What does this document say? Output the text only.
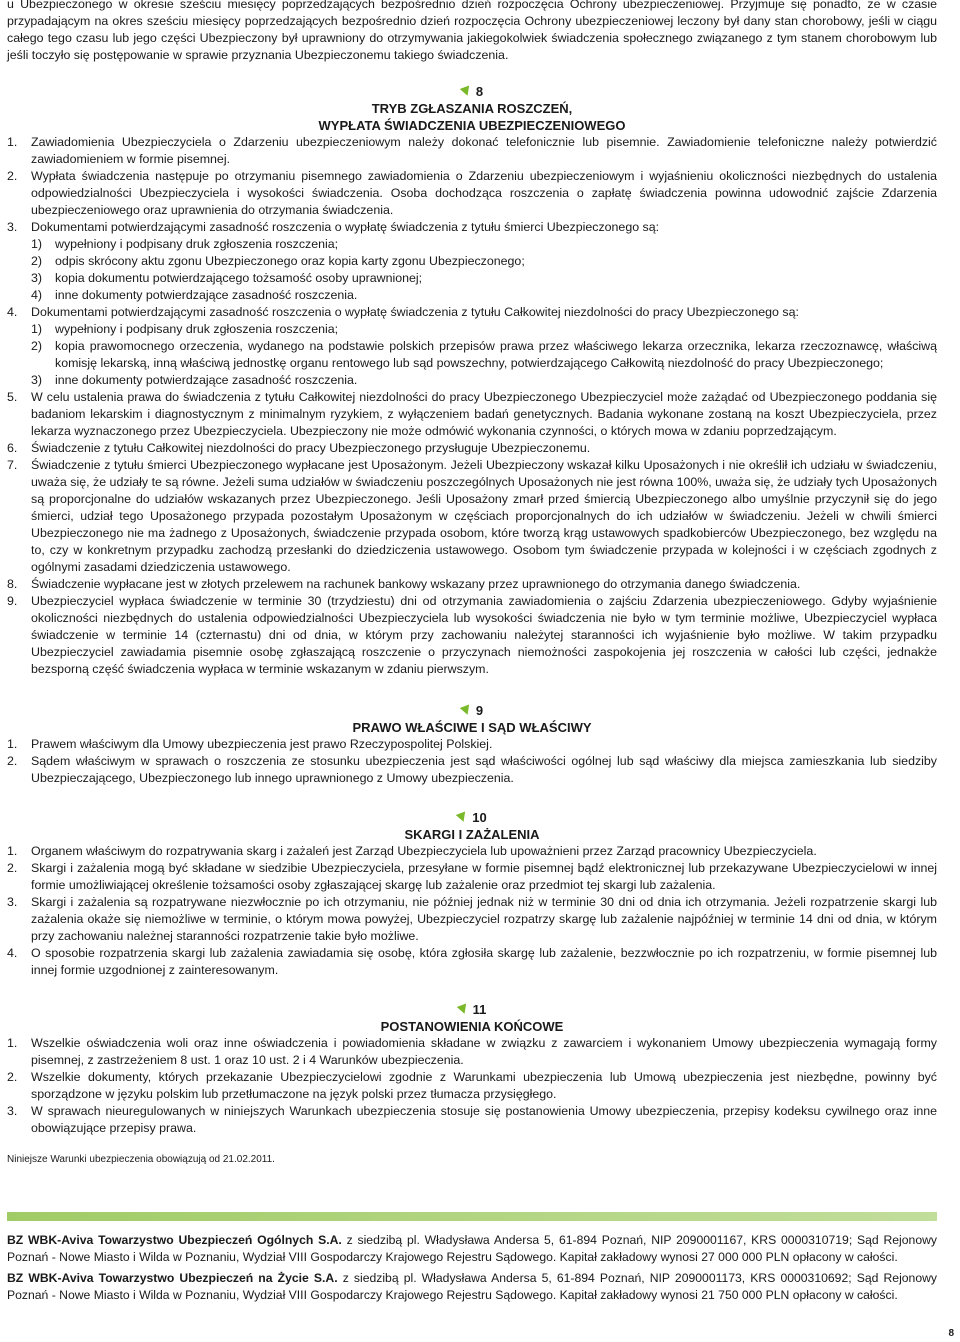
u Ubezpieczonego w okresie sześciu miesięcy poprzedzających bezpośrednio dzień rozpoczęcia Ochrony ubezpieczeniowej. Przyjmuje się ponadto, że w czasie przypadającym na okres sześciu miesięcy poprzedzających bezpośrednio dzień rozpoczęcia Ochrony ubezpieczeniowej leczony był dany stan chorobowy, jeśli w ciągu całego tego czasu lub jego części Ubezpieczony był uprawniony do otrzymywania jakiegokolwiek świadczenia społecznego związanego z tym stanem chorobowym lub jeśli toczyło się postępowanie w sprawie przyznania Ubezpieczonemu takiego świadczenia.

8
TRYB ZGŁASZANIA ROSZCZEŃ,
WYPŁATA ŚWIADCZENIA UBEZPIECZENIOWEGO
1. Zawiadomienia Ubezpieczyciela o Zdarzeniu ubezpieczeniowym należy dokonać telefonicznie lub pisemnie. Zawiadomienie telefoniczne należy potwierdzić zawiadomieniem w formie pisemnej.
2. Wypłata świadczenia następuje po otrzymaniu pisemnego zawiadomienia o Zdarzeniu ubezpieczeniowym i wyjaśnieniu okoliczności niezbędnych do ustalenia odpowiedzialności Ubezpieczyciela i wysokości świadczenia. Osoba dochodząca roszczenia o zapłatę świadczenia powinna udowodnić zajście Zdarzenia ubezpieczeniowego oraz uprawnienia do otrzymania świadczenia.
3. Dokumentami potwierdzającymi zasadność roszczenia o wypłatę świadczenia z tytułu śmierci Ubezpieczonego są:
1) wypełniony i podpisany druk zgłoszenia roszczenia;
2) odpis skrócony aktu zgonu Ubezpieczonego oraz kopia karty zgonu Ubezpieczonego;
3) kopia dokumentu potwierdzającego tożsamość osoby uprawnionej;
4) inne dokumenty potwierdzające zasadność roszczenia.
4. Dokumentami potwierdzającymi zasadność roszczenia o wypłatę świadczenia z tytułu Całkowitej niezdolności do pracy Ubezpieczonego są:
1) wypełniony i podpisany druk zgłoszenia roszczenia;
2) kopia prawomocnego orzeczenia, wydanego na podstawie polskich przepisów prawa przez właściwego lekarza orzecznika, lekarza rzeczoznawcę, właściwą komisję lekarską, inną właściwą jednostkę organu rentowego lub sąd powszechny, potwierdzającego Całkowitą niezdolność do pracy Ubezpieczonego;
3) inne dokumenty potwierdzające zasadność roszczenia.
5. W celu ustalenia prawa do świadczenia z tytułu Całkowitej niezdolności do pracy Ubezpieczonego Ubezpieczyciel może zażądać od Ubezpieczonego poddania się badaniom lekarskim i diagnostycznym z minimalnym ryzykiem, z wyłączeniem badań genetycznych. Badania wykonane zostaną na koszt Ubezpieczyciela, przez lekarza wyznaczonego przez Ubezpieczyciela. Ubezpieczony nie może odmówić wykonania czynności, o których mowa w zdaniu poprzedzającym.
6. Świadczenie z tytułu Całkowitej niezdolności do pracy Ubezpieczonego przysługuje Ubezpieczonemu.
7. Świadczenie z tytułu śmierci Ubezpieczonego wypłacane jest Uposażonym. Jeżeli Ubezpieczony wskazał kilku Uposażonych i nie określił ich udziału w świadczeniu, uważa się, że udziały te są równe. Jeżeli suma udziałów w świadczeniu poszczególnych Uposażonych nie jest równa 100%, uważa się, że udziały tych Uposażonych są proporcjonalne do udziałów wskazanych przez Ubezpieczonego. Jeśli Uposażony zmarł przed śmiercią Ubezpieczonego albo umyślnie przyczynił się do jego śmierci, udział tego Uposażonego przypada pozostałym Uposażonym w częściach proporcjonalnych do ich udziałów w świadczeniu. Jeżeli w chwili śmierci Ubezpieczonego nie ma żadnego z Uposażonych, świadczenie przypada osobom, które tworzą krąg ustawowych spadkobierców Ubezpieczonego, bez względu na to, czy w konkretnym przypadku zachodzą przesłanki do dziedziczenia ustawowego. Osobom tym świadczenie przypada w kolejności i w częściach zgodnych z ogólnymi zasadami dziedziczenia ustawowego.
8. Świadczenie wypłacane jest w złotych przelewem na rachunek bankowy wskazany przez uprawnionego do otrzymania danego świadczenia.
9. Ubezpieczyciel wypłaca świadczenie w terminie 30 (trzydziestu) dni od otrzymania zawiadomienia o zajściu Zdarzenia ubezpieczeniowego. Gdyby wyjaśnienie okoliczności niezbędnych do ustalenia odpowiedzialności Ubezpieczyciela lub wysokości świadczenia nie było w tym terminie możliwe, Ubezpieczyciel wypłaca świadczenie w terminie 14 (czternastu) dni od dnia, w którym przy zachowaniu należytej staranności ich wyjaśnienie było możliwe. W takim przypadku Ubezpieczyciel zawiadamia pisemnie osobę zgłaszającą roszczenie o przyczynach niemożności zaspokojenia jej roszczenia w całości lub części, jednakże bezsporną część świadczenia wypłaca w terminie wskazanym w zdaniu pierwszym.
9
PRAWO WŁAŚCIWE I SĄD WŁAŚCIWY
1. Prawem właściwym dla Umowy ubezpieczenia jest prawo Rzeczypospolitej Polskiej.
2. Sądem właściwym w sprawach o roszczenia ze stosunku ubezpieczenia jest sąd właściwości ogólnej lub sąd właściwy dla miejsca zamieszkania lub siedziby Ubezpieczającego, Ubezpieczonego lub innego uprawnionego z Umowy ubezpieczenia.
10
SKARGI I ZAŻALENIA
1. Organem właściwym do rozpatrywania skarg i zażaleń jest Zarząd Ubezpieczyciela lub upoważnieni przez Zarząd pracownicy Ubezpieczyciela.
2. Skargi i zażalenia mogą być składane w siedzibie Ubezpieczyciela, przesyłane w formie pisemnej bądź elektronicznej lub przekazywane Ubezpieczycielowi w innej formie umożliwiającej określenie tożsamości osoby zgłaszającej skargę lub zażalenie oraz przedmiot tej skargi lub zażalenia.
3. Skargi i zażalenia są rozpatrywane niezwłocznie po ich otrzymaniu, nie później jednak niż w terminie 30 dni od dnia ich otrzymania. Jeżeli rozpatrzenie skargi lub zażalenia okaże się niemożliwe w terminie, o którym mowa powyżej, Ubezpieczyciel rozpatrzy skargę lub zażalenie najpóźniej w terminie 14 dni od dnia, w którym przy zachowaniu należnej staranności rozpatrzenie takie było możliwe.
4. O sposobie rozpatrzenia skargi lub zażalenia zawiadamia się osobę, która zgłosiła skargę lub zażalenie, bezzwłocznie po ich rozpatrzeniu, w formie pisemnej lub innej formie uzgodnionej z zainteresowanym.
11
POSTANOWIENIA KOŃCOWE
1. Wszelkie oświadczenia woli oraz inne oświadczenia i powiadomienia składane w związku z zawarciem i wykonaniem Umowy ubezpieczenia wymagają formy pisemnej, z zastrzeżeniem 8 ust. 1 oraz 10 ust. 2 i 4 Warunków ubezpieczenia.
2. Wszelkie dokumenty, których przekazanie Ubezpieczycielowi zgodnie z Warunkami ubezpieczenia lub Umową ubezpieczenia jest niezbędne, powinny być sporządzone w języku polskim lub przetłumaczone na język polski przez tłumacza przysięgłego.
3. W sprawach nieuregulowanych w niniejszych Warunkach ubezpieczenia stosuje się postanowienia Umowy ubezpieczenia, przepisy kodeksu cywilnego oraz inne obowiązujące przepisy prawa.

Niniejsze Warunki ubezpieczenia obowiązują od 21.02.2011.

BZ WBK-Aviva Towarzystwo Ubezpieczeń Ogólnych S.A. z siedzibą pl. Władysława Andersa 5, 61-894 Poznań, NIP 2090001167, KRS 0000310719; Sąd Rejonowy Poznań - Nowe Miasto i Wilda w Poznaniu, Wydział VIII Gospodarczy Krajowego Rejestru Sądowego. Kapitał zakładowy wynosi 27 000 000 PLN opłacony w całości.
BZ WBK-Aviva Towarzystwo Ubezpieczeń na Życie S.A. z siedzibą pl. Władysława Andersa 5, 61-894 Poznań, NIP 2090001173, KRS 0000310692; Sąd Rejonowy Poznań - Nowe Miasto i Wilda w Poznaniu, Wydział VIII Gospodarczy Krajowego Rejestru Sądowego. Kapitał zakładowy wynosi 21 750 000 PLN opłacony w całości.
8
